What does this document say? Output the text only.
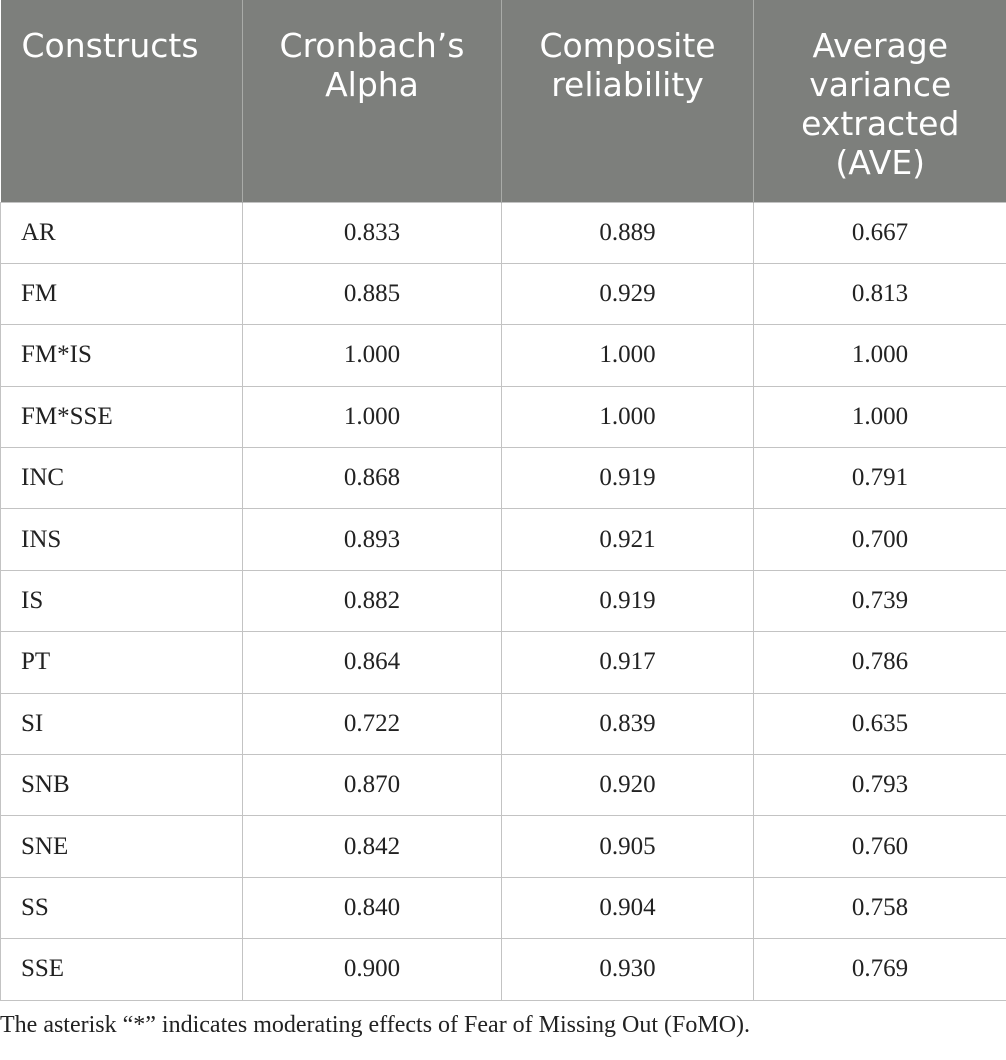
Constructs	Cronbach’s Alpha	Composite reliability	Average variance extracted (AVE)
AR	0.833	0.889	0.667
FM	0.885	0.929	0.813
FM*IS	1.000	1.000	1.000
FM*SSE	1.000	1.000	1.000
INC	0.868	0.919	0.791
INS	0.893	0.921	0.700
IS	0.882	0.919	0.739
PT	0.864	0.917	0.786
SI	0.722	0.839	0.635
SNB	0.870	0.920	0.793
SNE	0.842	0.905	0.760
SS	0.840	0.904	0.758
SSE	0.900	0.930	0.769
The asterisk “*” indicates moderating effects of Fear of Missing Out (FoMO).
